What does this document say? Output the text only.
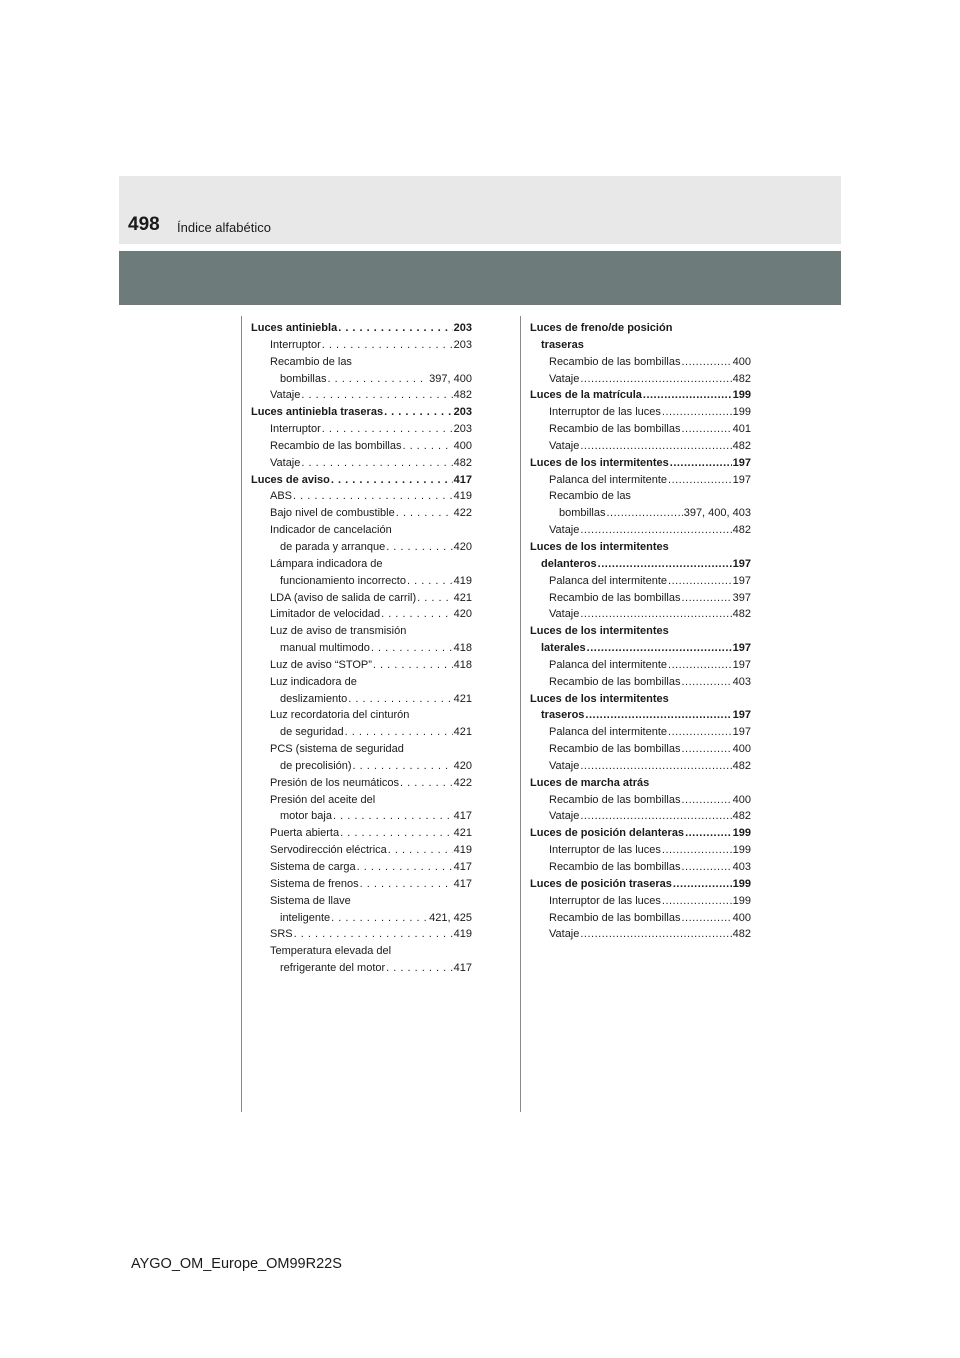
498 Índice alfabético
Luces antiniebla . . .	203
Interruptor . . .	203
Recambio de las
bombillas . . .	397, 400
Vataje . . .	482
Luces antiniebla traseras . . .	203
Interruptor . . .	203
Recambio de las bombillas . . .	400
Vataje . . .	482
Luces de aviso . . .	417
ABS . . .	419
Bajo nivel de combustible . . .	422
Indicador de cancelación
de parada y arranque . . .	420
Lámpara indicadora de
funcionamiento incorrecto . . .	419
LDA (aviso de salida de carril) . . .	421
Limitador de velocidad . . .	420
Luz de aviso de transmisión
manual multimodo . . .	418
Luz de aviso “STOP” . . .	418
Luz indicadora de
deslizamiento . . .	421
Luz recordatoria del cinturón
de seguridad . . .	421
PCS (sistema de seguridad
de precolisión) . . .	420
Presión de los neumáticos . . .	422
Presión del aceite del
motor baja . . .	417
Puerta abierta . . .	421
Servodirección eléctrica . . .	419
Sistema de carga . . .	417
Sistema de frenos . . .	417
Sistema de llave
inteligente . . .	421, 425
SRS . . .	419
Temperatura elevada del
refrigerante del motor . . .	417
Luces de freno/de posición
traseras
Recambio de las bombillas .....	400
Vataje .....	482
Luces de la matrícula .....	199
Interruptor de las luces .....	199
Recambio de las bombillas .....	401
Vataje .....	482
Luces de los intermitentes .....	197
Palanca del intermitente .....	197
Recambio de las
bombillas .....	397, 400, 403
Vataje .....	482
Luces de los intermitentes
delanteros .....	197
Palanca del intermitente .....	197
Recambio de las bombillas .....	397
Vataje .....	482
Luces de los intermitentes
laterales .....	197
Palanca del intermitente .....	197
Recambio de las bombillas .....	403
Luces de los intermitentes
traseros .....	197
Palanca del intermitente .....	197
Recambio de las bombillas .....	400
Vataje .....	482
Luces de marcha atrás
Recambio de las bombillas .....	400
Vataje .....	482
Luces de posición delanteras .....	199
Interruptor de las luces .....	199
Recambio de las bombillas .....	403
Luces de posición traseras .....	199
Interruptor de las luces .....	199
Recambio de las bombillas .....	400
Vataje .....	482
AYGO_OM_Europe_OM99R22S
